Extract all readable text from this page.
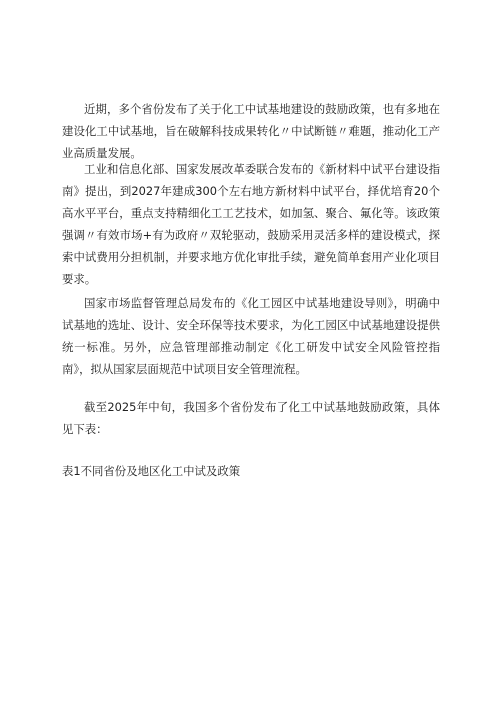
近期，多个省份发布了关于化工中试基地建设的鼓励政策，也有多地在建设化工中试基地，旨在破解科技成果转化〃中试断链〃难题，推动化工产业高质量发展。

工业和信息化部、国家发展改革委联合发布的《新材料中试平台建设指南》提出，到2027年建成300个左右地方新材料中试平台，择优培育20个高水平平台，重点支持精细化工工艺技术，如加氢、聚合、氟化等。该政策强调〃有效市场+有为政府〃双轮驱动，鼓励采用灵活多样的建设模式，探索中试费用分担机制，并要求地方优化审批手续，避免简单套用产业化项目要求。

国家市场监督管理总局发布的《化工园区中试基地建设导则》，明确中试基地的选址、设计、安全环保等技术要求，为化工园区中试基地建设提供统一标准。另外，应急管理部推动制定《化工研发中试安全风险管控指南》，拟从国家层面规范中试项目安全管理流程。

截至2025年中旬，我国多个省份发布了化工中试基地鼓励政策，具体见下表：

表1不同省份及地区化工中试及政策
